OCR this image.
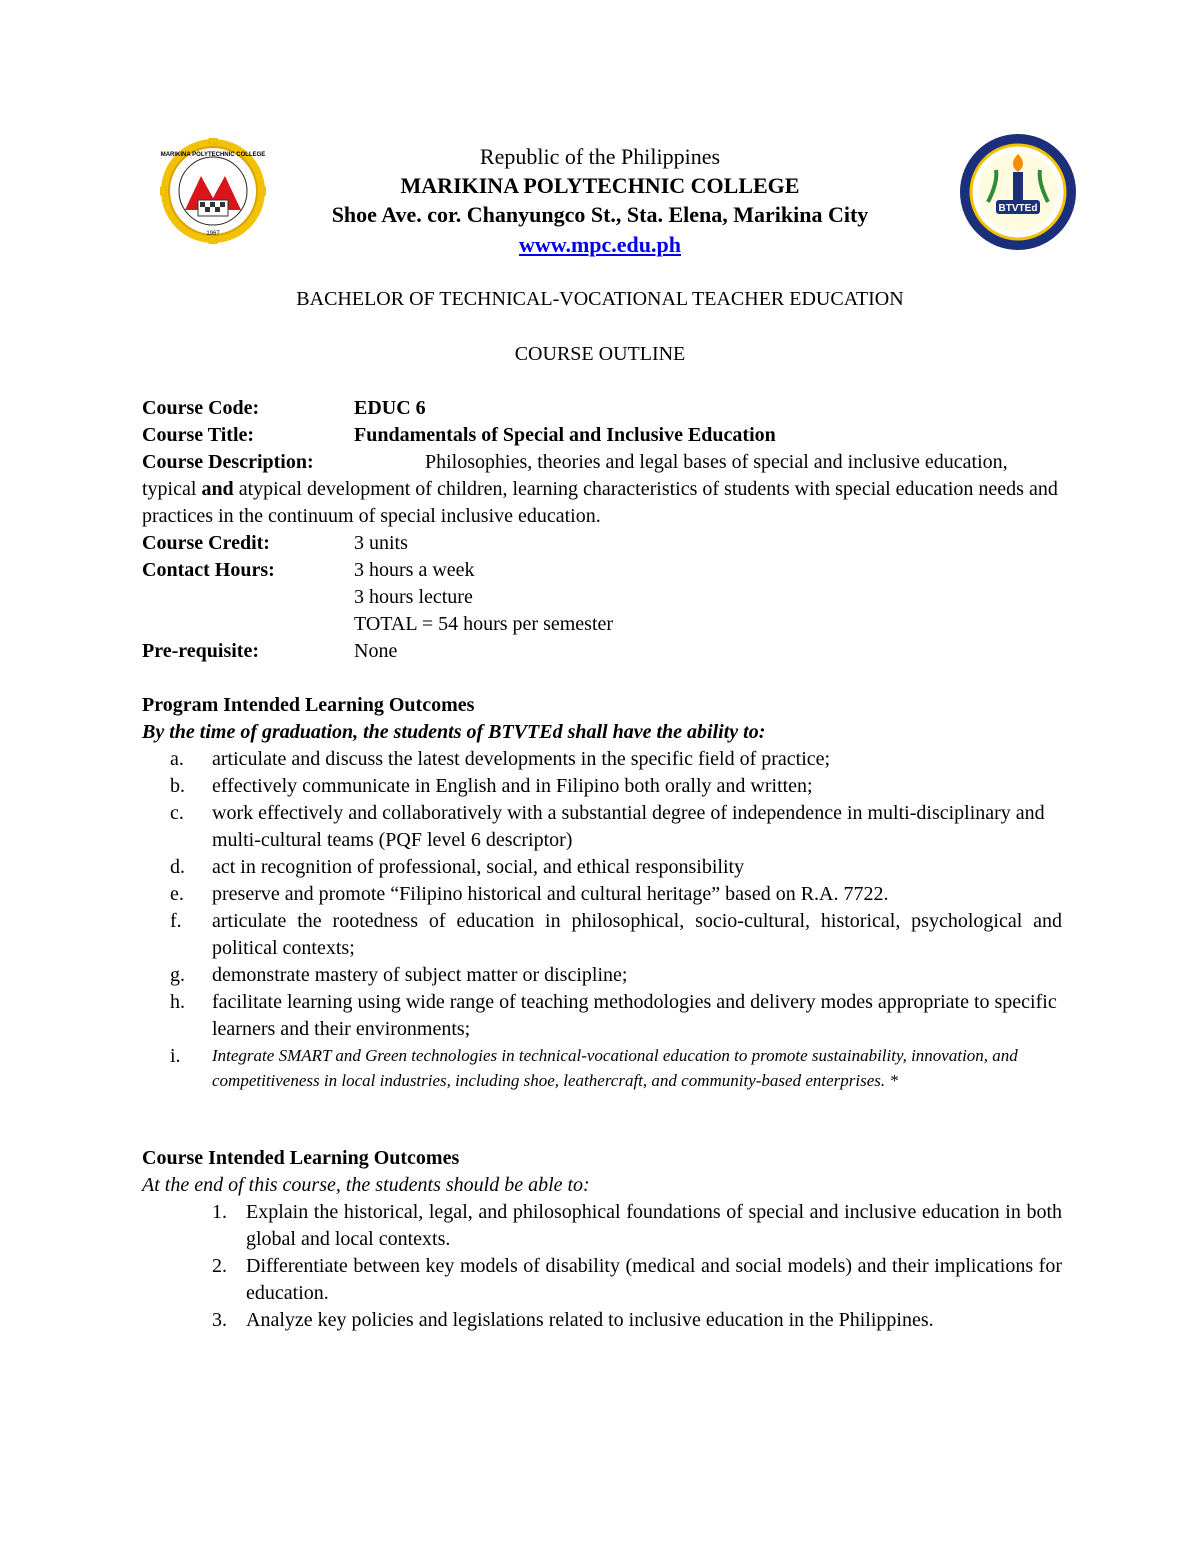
MARIKINA POLYTECHNIC COLLEGE
1967
BTVTEd
Republic of the Philippines
MARIKINA POLYTECHNIC COLLEGE
Shoe Ave. cor. Chanyungco St., Sta. Elena, Marikina City
www.mpc.edu.ph
BACHELOR OF TECHNICAL-VOCATIONAL TEACHER EDUCATION
COURSE OUTLINE
Course Code:	EDUC 6
Course Title:	Fundamentals of Special and Inclusive Education
Course Description:	Philosophies, theories and legal bases of special and inclusive education, typical and atypical development of children, learning characteristics of students with special education needs and practices in the continuum of special inclusive education.
Course Credit:	3 units
Contact Hours:	3 hours a week
3 hours lecture
TOTAL = 54 hours per semester
Pre-requisite:	None
Program Intended Learning Outcomes
By the time of graduation, the students of BTVTEd shall have the ability to:
a.	articulate and discuss the latest developments in the specific field of practice;
b.	effectively communicate in English and in Filipino both orally and written;
c.	work effectively and collaboratively with a substantial degree of independence in multi-disciplinary and multi-cultural teams (PQF level 6 descriptor)
d.	act in recognition of professional, social, and ethical responsibility
e.	preserve and promote “Filipino historical and cultural heritage” based on R.A. 7722.
f.	articulate the rootedness of education in philosophical, socio-cultural, historical, psychological and political contexts;
g.	demonstrate mastery of subject matter or discipline;
h.	facilitate learning using wide range of teaching methodologies and delivery modes appropriate to specific learners and their environments;
i.	Integrate SMART and Green technologies in technical-vocational education to promote sustainability, innovation, and competitiveness in local industries, including shoe, leathercraft, and community-based enterprises. *
Course Intended Learning Outcomes
At the end of this course, the students should be able to:
1. Explain the historical, legal, and philosophical foundations of special and inclusive education in both global and local contexts.
2. Differentiate between key models of disability (medical and social models) and their implications for education.
3. Analyze key policies and legislations related to inclusive education in the Philippines.
